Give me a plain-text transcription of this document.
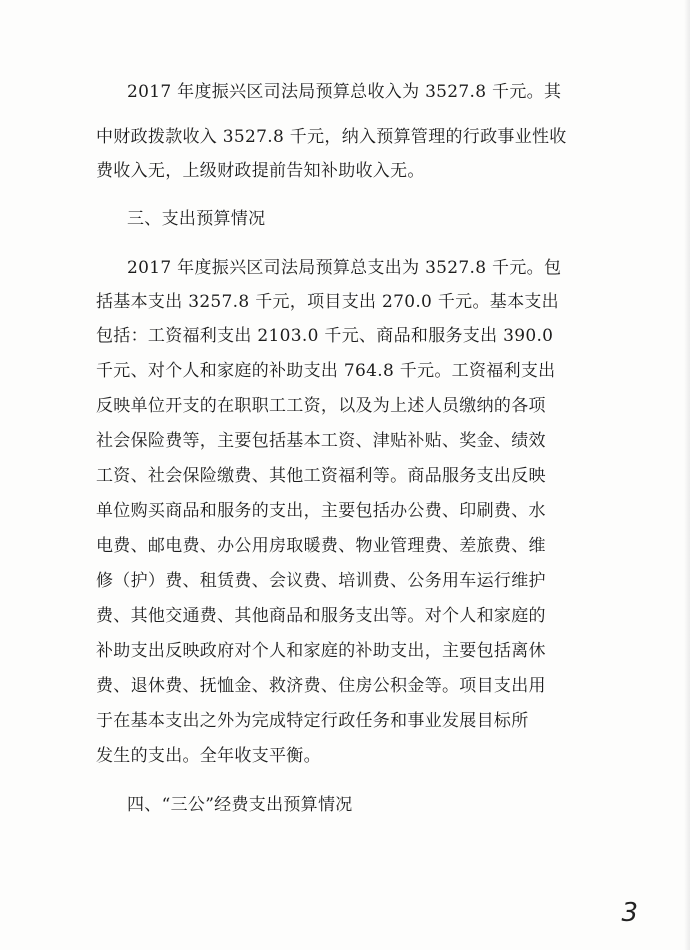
2017 年度振兴区司法局预算总收入为 3527.8 千元。其
中财政拨款收入 3527.8 千元，纳入预算管理的行政事业性收
费收入无，上级财政提前告知补助收入无。
三、支出预算情况
2017 年度振兴区司法局预算总支出为 3527.8 千元。包
括基本支出 3257.8 千元，项目支出 270.0 千元。基本支出
包括：工资福利支出 2103.0 千元、商品和服务支出 390.0
千元、对个人和家庭的补助支出 764.8 千元。工资福利支出
反映单位开支的在职职工工资，以及为上述人员缴纳的各项
社会保险费等，主要包括基本工资、津贴补贴、奖金、绩效
工资、社会保险缴费、其他工资福利等。商品服务支出反映
单位购买商品和服务的支出，主要包括办公费、印刷费、水
电费、邮电费、办公用房取暖费、物业管理费、差旅费、维
修（护）费、租赁费、会议费、培训费、公务用车运行维护
费、其他交通费、其他商品和服务支出等。对个人和家庭的
补助支出反映政府对个人和家庭的补助支出，主要包括离休
费、退休费、抚恤金、救济费、住房公积金等。项目支出用
于在基本支出之外为完成特定行政任务和事业发展目标所
发生的支出。全年收支平衡。
四、“三公”经费支出预算情况
3
